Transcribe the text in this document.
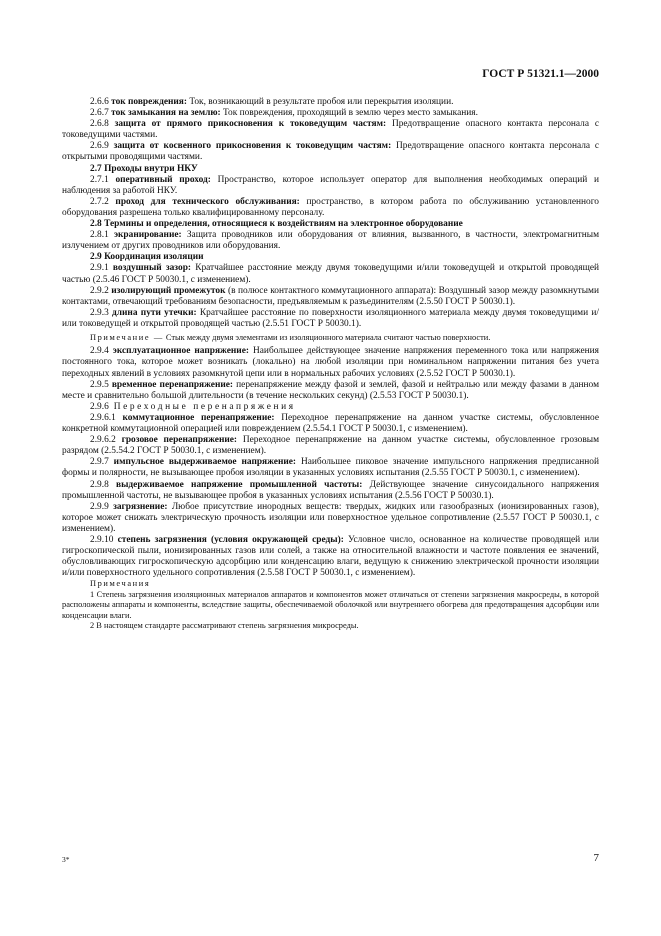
ГОСТ Р 51321.1—2000

2.6.6 ток повреждения: Ток, возникающий в результате пробоя или перекрытия изоляции.

2.6.7 ток замыкания на землю: Ток повреждения, проходящий в землю через место замыкания.

2.6.8 защита от прямого прикосновения к токоведущим частям: Предотвращение опасного контакта персонала с токоведущими частями.

2.6.9 защита от косвенного прикосновения к токоведущим частям: Предотвращение опасного контакта персонала с открытыми проводящими частями.

2.7 Проходы внутри НКУ

2.7.1 оперативный проход: Пространство, которое использует оператор для выполнения необходимых операций и наблюдения за работой НКУ.

2.7.2 проход для технического обслуживания: пространство, в котором работа по обслуживанию установленного оборудования разрешена только квалифицированному персоналу.

2.8 Термины и определения, относящиеся к воздействиям на электронное оборудование

2.8.1 экранирование: Защита проводников или оборудования от влияния, вызванного, в частности, электромагнитным излучением от других проводников или оборудования.

2.9 Координация изоляции

2.9.1 воздушный зазор: Кратчайшее расстояние между двумя токоведущими и/или токоведущей и открытой проводящей частью (2.5.46 ГОСТ Р 50030.1, с изменением).

2.9.2 изолирующий промежуток (в полюсе контактного коммутационного аппарата): Воздушный зазор между разомкнутыми контактами, отвечающий требованиям безопасности, предъявляемым к разъединителям (2.5.50 ГОСТ Р 50030.1).

2.9.3 длина пути утечки: Кратчайшее расстояние по поверхности изоляционного материала между двумя токоведущими и/или токоведущей и открытой проводящей частью (2.5.51 ГОСТ Р 50030.1).

Примечание — Стык между двумя элементами из изоляционного материала считают частью поверхности.

2.9.4 эксплуатационное напряжение: Наибольшее действующее значение напряжения переменного тока или напряжения постоянного тока, которое может возникать (локально) на любой изоляции при номинальном напряжении питания без учета переходных явлений в условиях разомкнутой цепи или в нормальных рабочих условиях (2.5.52 ГОСТ Р 50030.1).

2.9.5 временное перенапряжение: перенапряжение между фазой и землей, фазой и нейтралью или между фазами в данном месте и сравнительно большой длительности (в течение нескольких секунд) (2.5.53 ГОСТ Р 50030.1).

2.9.6 Переходные перенапряжения

2.9.6.1 коммутационное перенапряжение: Переходное перенапряжение на данном участке системы, обусловленное конкретной коммутационной операцией или повреждением (2.5.54.1 ГОСТ Р 50030.1, с изменением).

2.9.6.2 грозовое перенапряжение: Переходное перенапряжение на данном участке системы, обусловленное грозовым разрядом (2.5.54.2 ГОСТ Р 50030.1, с изменением).

2.9.7 импульсное выдерживаемое напряжение: Наибольшее пиковое значение импульсного напряжения предписанной формы и полярности, не вызывающее пробоя изоляции в указанных условиях испытания (2.5.55 ГОСТ Р 50030.1, с изменением).

2.9.8 выдерживаемое напряжение промышленной частоты: Действующее значение синусоидального напряжения промышленной частоты, не вызывающее пробоя в указанных условиях испытания (2.5.56 ГОСТ Р 50030.1).

2.9.9 загрязнение: Любое присутствие инородных веществ: твердых, жидких или газообразных (ионизированных газов), которое может снижать электрическую прочность изоляции или поверхностное удельное сопротивление (2.5.57 ГОСТ Р 50030.1, с изменением).

2.9.10 степень загрязнения (условия окружающей среды): Условное число, основанное на количестве проводящей или гигроскопической пыли, ионизированных газов или солей, а также на относительной влажности и частоте появления ее значений, обусловливающих гигроскопическую адсорбцию или конденсацию влаги, ведущую к снижению электрической прочности изоляции и/или поверхностного удельного сопротивления (2.5.58 ГОСТ Р 50030.1, с изменением).

Примечания

1 Степень загрязнения изоляционных материалов аппаратов и компонентов может отличаться от степени загрязнения макросреды, в которой расположены аппараты и компоненты, вследствие защиты, обеспечиваемой оболочкой или внутреннего обогрева для предотвращения адсорбции или конденсации влаги.

2 В настоящем стандарте рассматривают степень загрязнения микросреды.

3*	7
